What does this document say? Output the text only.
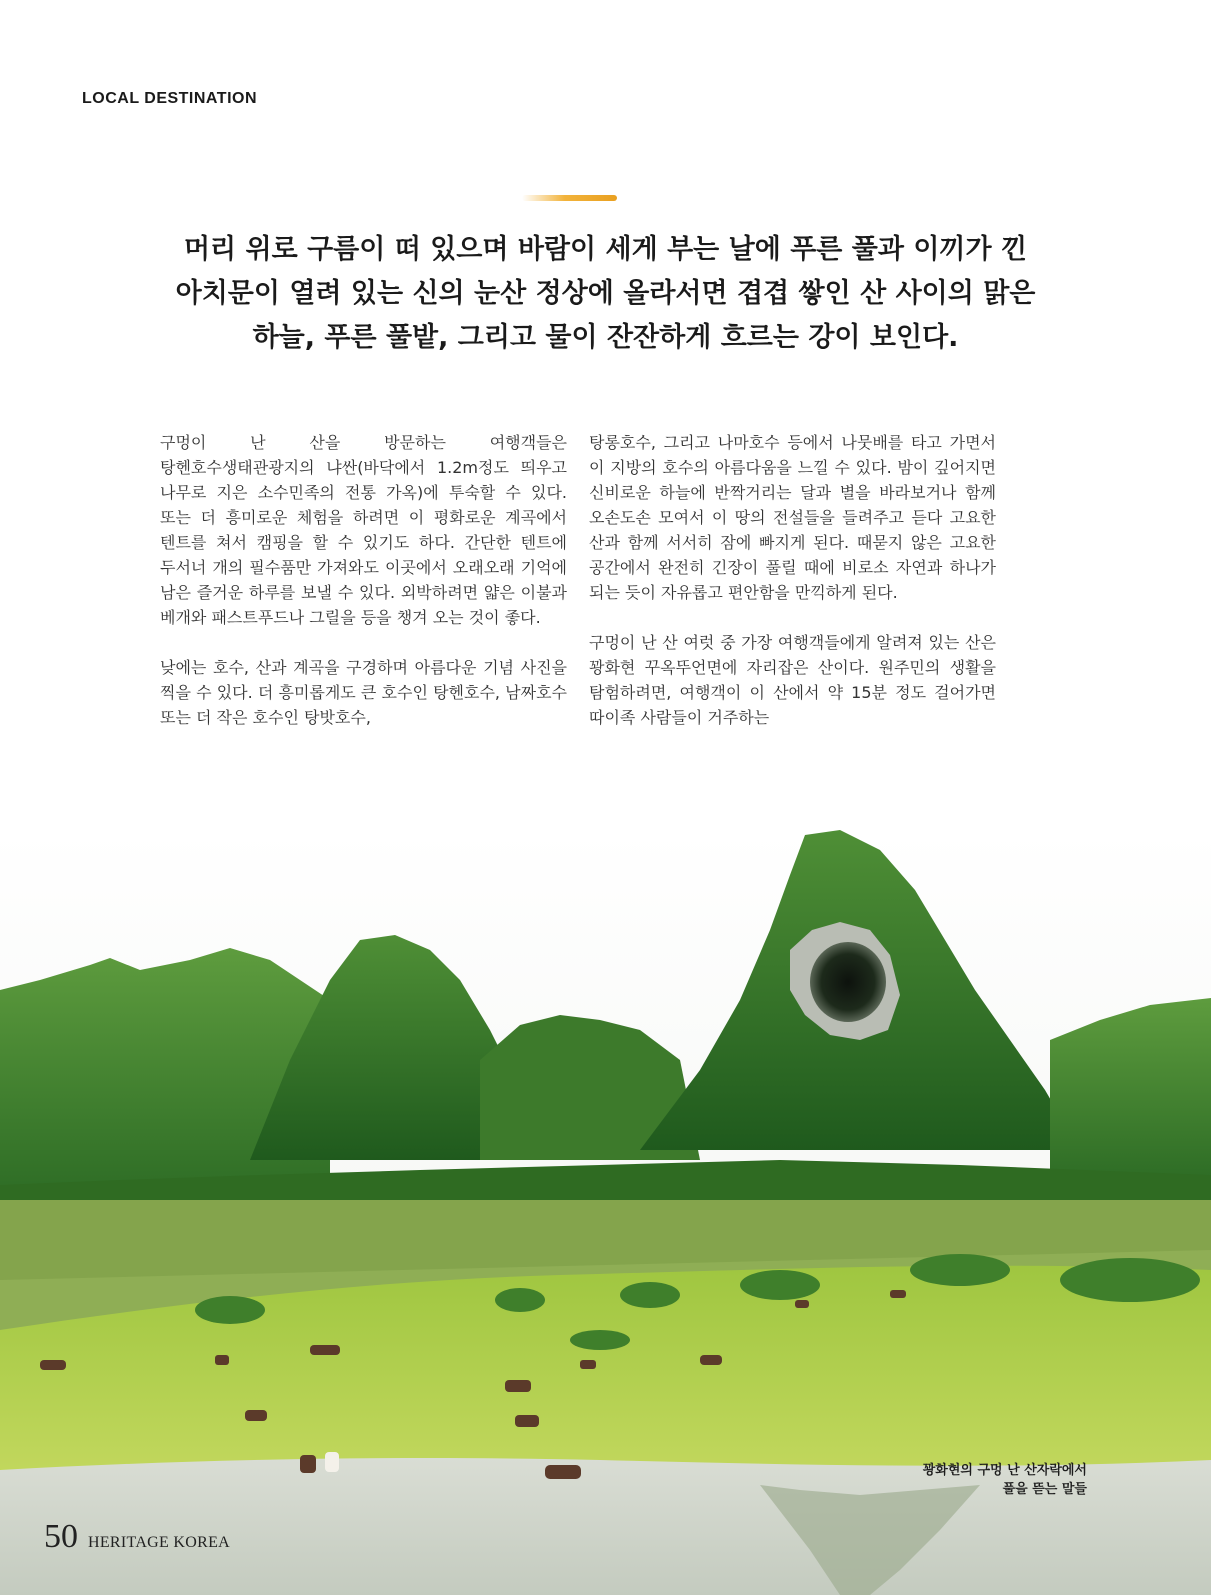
LOCAL DESTINATION
머리 위로 구름이 떠 있으며 바람이 세게 부는 날에 푸른 풀과 이끼가 낀
아치문이 열려 있는 신의 눈산 정상에 올라서면 겹겹 쌓인 산 사이의 맑은
하늘, 푸른 풀밭, 그리고 물이 잔잔하게 흐르는 강이 보인다.

구멍이 난 산을 방문하는 여행객들은 탕헨호수생태관광지의 냐싼(바닥에서 1.2m정도 띄우고 나무로 지은 소수민족의 전통 가옥)에 투숙할 수 있다. 또는 더 흥미로운 체험을 하려면 이 평화로운 계곡에서 텐트를 쳐서 캠핑을 할 수 있기도 하다. 간단한 텐트에 두서너 개의 필수품만 가져와도 이곳에서 오래오래 기억에 남은 즐거운 하루를 보낼 수 있다. 외박하려면 얇은 이불과 베개와 패스트푸드나 그릴을 등을 챙겨 오는 것이 좋다.

낮에는 호수, 산과 계곡을 구경하며 아름다운 기념 사진을 찍을 수 있다. 더 흥미롭게도 큰 호수인 탕헨호수, 남짜호수 또는 더 작은 호수인 탕밧호수,

탕롱호수, 그리고 나마호수 등에서 나뭇배를 타고 가면서 이 지방의 호수의 아름다움을 느낄 수 있다. 밤이 깊어지면 신비로운 하늘에 반짝거리는 달과 별을 바라보거나 함께 오손도손 모여서 이 땅의 전설들을 들려주고 듣다 고요한 산과 함께 서서히 잠에 빠지게 된다. 때묻지 않은 고요한 공간에서 완전히 긴장이 풀릴 때에 비로소 자연과 하나가 되는 듯이 자유롭고 편안함을 만끽하게 된다.

구멍이 난 산 여럿 중 가장 여행객들에게 알려져 있는 산은 꽝화현 꾸옥뚜언면에 자리잡은 산이다. 원주민의 생활을 탐험하려면, 여행객이 이 산에서 약 15분 정도 걸어가면 따이족 사람들이 거주하는

꽝화현의 구멍 난 산자락에서
풀을 뜯는 말들
50 HERITAGE KOREA
